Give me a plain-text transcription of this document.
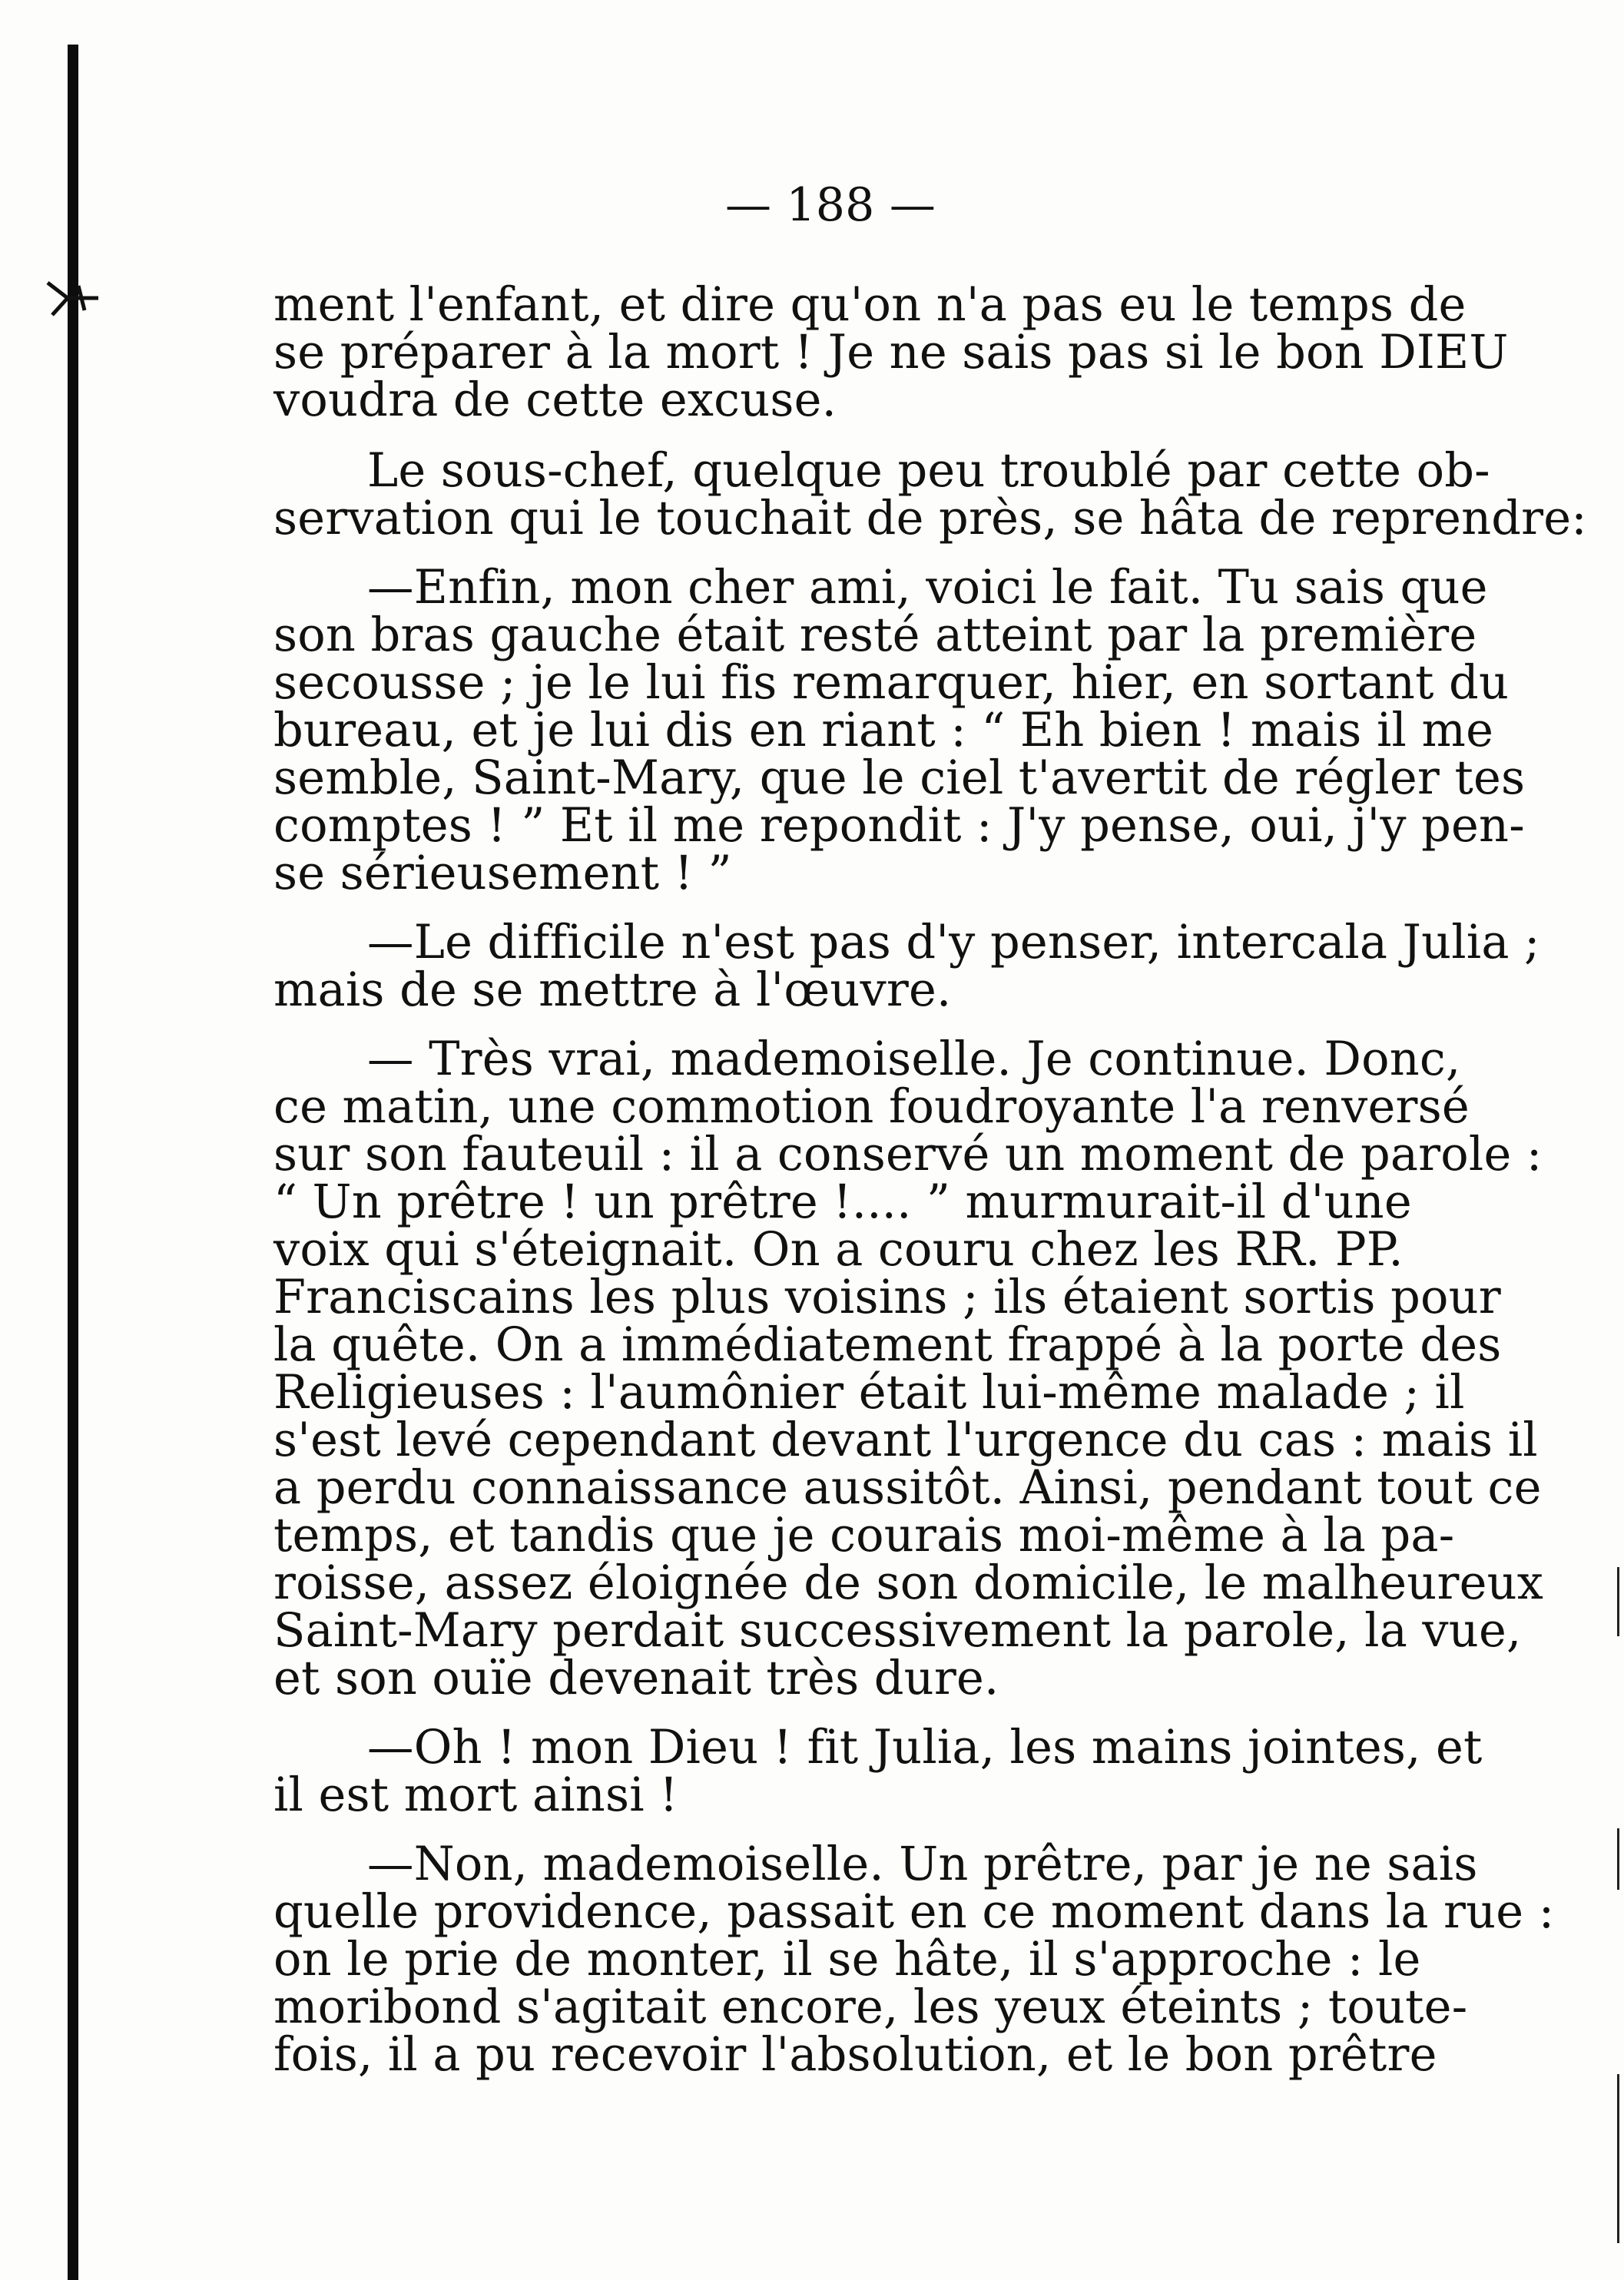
— 188 —
ment l'enfant, et dire qu'on n'a pas eu le temps de
se préparer à la mort ! Je ne sais pas si le bon DIEU
voudra de cette excuse.
Le sous-chef, quelque peu troublé par cette ob-
servation qui le touchait de près, se hâta de reprendre:
—Enfin, mon cher ami, voici le fait. Tu sais que
son bras gauche était resté atteint par la première
secousse ; je le lui fis remarquer, hier, en sortant du
bureau, et je lui dis en riant : “ Eh bien ! mais il me
semble, Saint-Mary, que le ciel t'avertit de régler tes
comptes ! ” Et il me repondit : J'y pense, oui, j'y pen-
se sérieusement ! ”
—Le difficile n'est pas d'y penser, intercala Julia ;
mais de se mettre à l'œuvre.
— Très vrai, mademoiselle. Je continue. Donc,
ce matin, une commotion foudroyante l'a renversé
sur son fauteuil : il a conservé un moment de parole :
“ Un prêtre ! un prêtre !.... ” murmurait-il d'une
voix qui s'éteignait. On a couru chez les RR. PP.
Franciscains les plus voisins ; ils étaient sortis pour
la quête. On a immédiatement frappé à la porte des
Religieuses : l'aumônier était lui-même malade ; il
s'est levé cependant devant l'urgence du cas : mais il
a perdu connaissance aussitôt. Ainsi, pendant tout ce
temps, et tandis que je courais moi-même à la pa-
roisse, assez éloignée de son domicile, le malheureux
Saint-Mary perdait successivement la parole, la vue,
et son ouïe devenait très dure.
—Oh ! mon Dieu ! fit Julia, les mains jointes, et
il est mort ainsi !
—Non, mademoiselle. Un prêtre, par je ne sais
quelle providence, passait en ce moment dans la rue :
on le prie de monter, il se hâte, il s'approche : le
moribond s'agitait encore, les yeux éteints ; toute-
fois, il a pu recevoir l'absolution, et le bon prêtre
